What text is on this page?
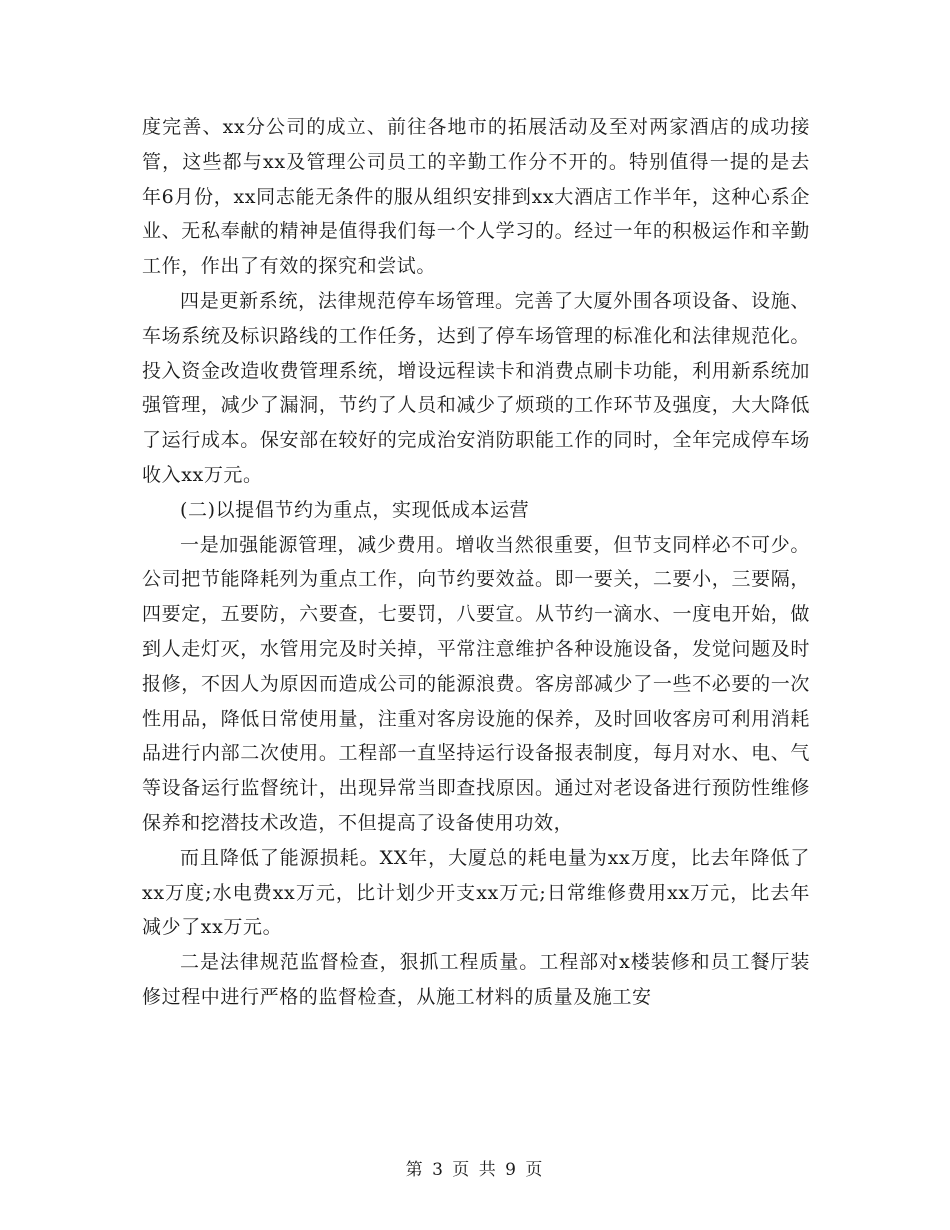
度完善、xx分公司的成立、前往各地市的拓展活动及至对两家酒店的成功接管，这些都与xx及管理公司员工的辛勤工作分不开的。特别值得一提的是去年6月份，xx同志能无条件的服从组织安排到xx大酒店工作半年，这种心系企业、无私奉献的精神是值得我们每一个人学习的。经过一年的积极运作和辛勤工作，作出了有效的探究和尝试。

四是更新系统，法律规范停车场管理。完善了大厦外围各项设备、设施、车场系统及标识路线的工作任务，达到了停车场管理的标准化和法律规范化。投入资金改造收费管理系统，增设远程读卡和消费点刷卡功能，利用新系统加强管理，减少了漏洞，节约了人员和减少了烦琐的工作环节及强度，大大降低了运行成本。保安部在较好的完成治安消防职能工作的同时，全年完成停车场收入xx万元。

(二)以提倡节约为重点，实现低成本运营

一是加强能源管理，减少费用。增收当然很重要，但节支同样必不可少。公司把节能降耗列为重点工作，向节约要效益。即一要关，二要小，三要隔，四要定，五要防，六要查，七要罚，八要宣。从节约一滴水、一度电开始，做到人走灯灭，水管用完及时关掉，平常注意维护各种设施设备，发觉问题及时报修，不因人为原因而造成公司的能源浪费。客房部减少了一些不必要的一次性用品，降低日常使用量，注重对客房设施的保养，及时回收客房可利用消耗品进行内部二次使用。工程部一直坚持运行设备报表制度，每月对水、电、气等设备运行监督统计，出现异常当即查找原因。通过对老设备进行预防性维修保养和挖潜技术改造，不但提高了设备使用功效，

而且降低了能源损耗。XX年，大厦总的耗电量为xx万度，比去年降低了xx万度;水电费xx万元，比计划少开支xx万元;日常维修费用xx万元，比去年减少了xx万元。

二是法律规范监督检查，狠抓工程质量。工程部对x楼装修和员工餐厅装修过程中进行严格的监督检查，从施工材料的质量及施工安

第 3 页 共 9 页
